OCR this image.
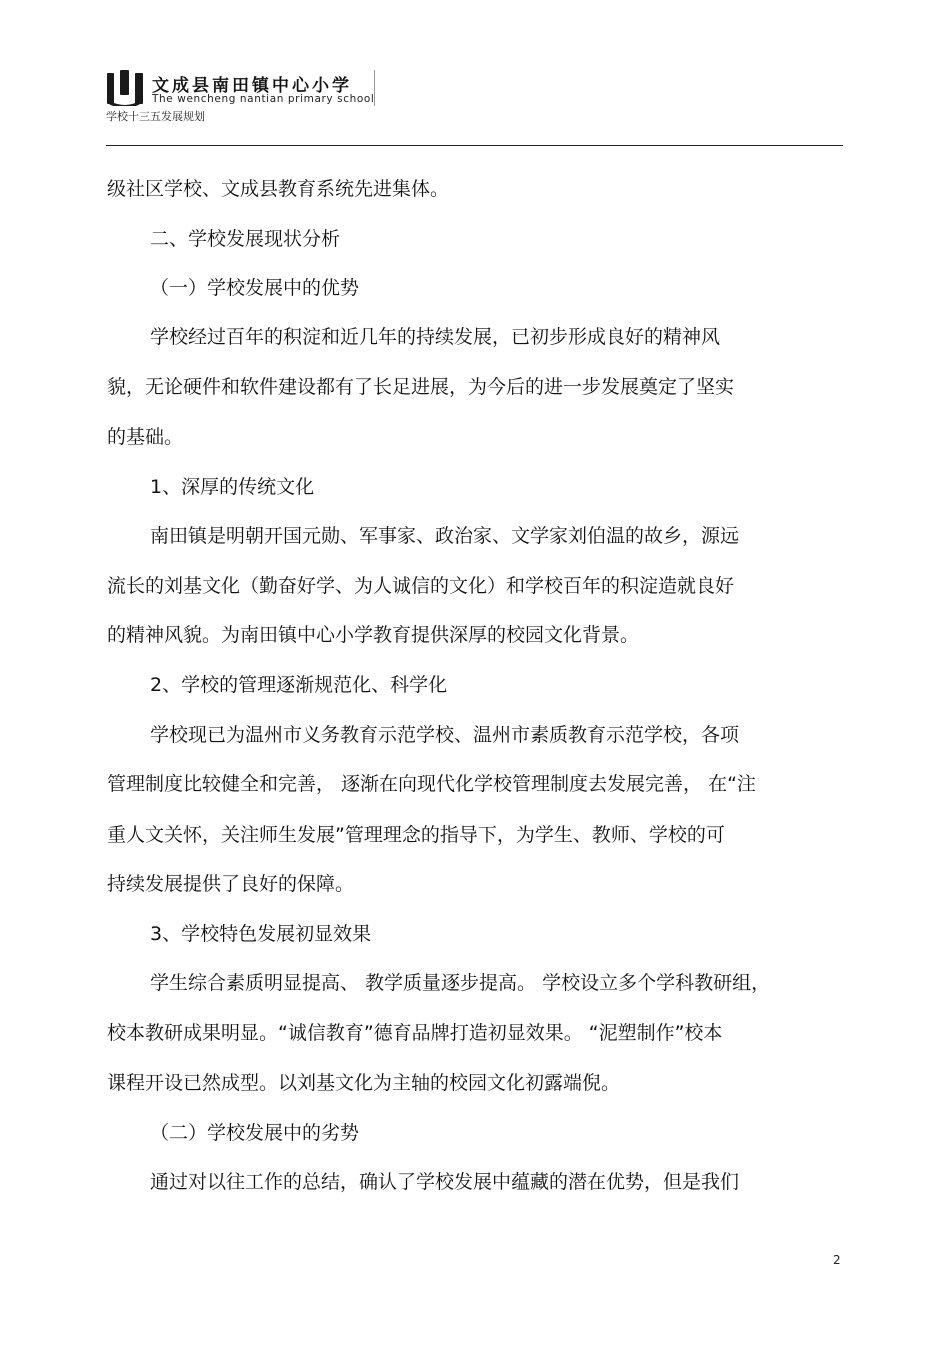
文成县南田镇中心小学
The wencheng nantian primary school
学校十三五发展规划
级社区学校、文成县教育系统先进集体。
二、学校发展现状分析
（一）学校发展中的优势
学校经过百年的积淀和近几年的持续发展，已初步形成良好的精神风
貌，无论硬件和软件建设都有了长足进展，为今后的进一步发展奠定了坚实
的基础。
1、深厚的传统文化
南田镇是明朝开国元勋、军事家、政治家、文学家刘伯温的故乡，源远
流长的刘基文化（勤奋好学、为人诚信的文化）和学校百年的积淀造就良好
的精神风貌。为南田镇中心小学教育提供深厚的校园文化背景。
2、学校的管理逐渐规范化、科学化
学校现已为温州市义务教育示范学校、温州市素质教育示范学校，各项
管理制度比较健全和完善， 逐渐在向现代化学校管理制度去发展完善， 在“注
重人文关怀，关注师生发展”管理理念的指导下，为学生、教师、学校的可
持续发展提供了良好的保障。
3、学校特色发展初显效果
学生综合素质明显提高、 教学质量逐步提高。 学校设立多个学科教研组，
校本教研成果明显。“诚信教育”德育品牌打造初显效果。 “泥塑制作”校本
课程开设已然成型。以刘基文化为主轴的校园文化初露端倪。
（二）学校发展中的劣势
通过对以往工作的总结，确认了学校发展中蕴藏的潜在优势，但是我们
2
